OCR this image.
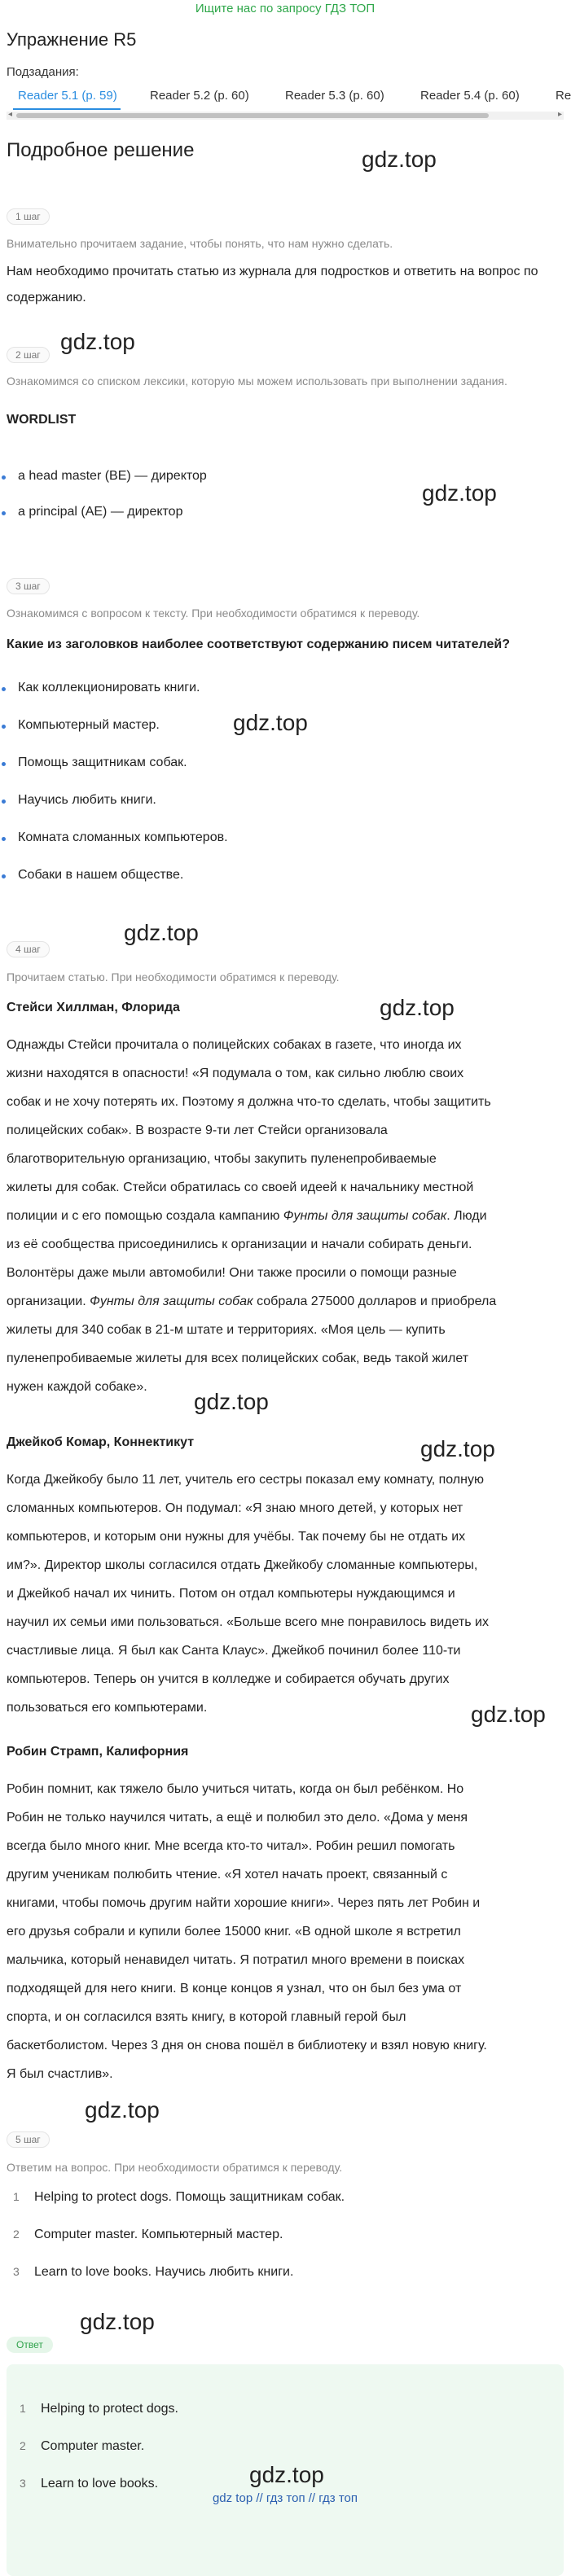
Ищите нас по запросу ГДЗ ТОП
Упражнение R5
Подзадания:
Reader 5.1 (p. 59)	Reader 5.2 (p. 60)	Reader 5.3 (p. 60)	Reader 5.4 (p. 60)	Re
◂	▸
Подробное решение
1 шаг
Внимательно прочитаем задание, чтобы понять, что нам нужно сделать.
Нам необходимо прочитать статью из журнала для подростков и ответить на вопрос по содержанию.
2 шаг
Ознакомимся со списком лексики, которую мы можем использовать при выполнении задания.
WORDLIST
a head master (BE) — директор
a principal (AE) — директор
3 шаг
Ознакомимся с вопросом к тексту. При необходимости обратимся к переводу.
Какие из заголовков наиболее соответствуют содержанию писем читателей?
Как коллекционировать книги.
Компьютерный мастер.
Помощь защитникам собак.
Научись любить книги.
Комната сломанных компьютеров.
Собаки в нашем обществе.
4 шаг
Прочитаем статью. При необходимости обратимся к переводу.
Стейси Хиллман, Флорида
Однажды Стейси прочитала о полицейских собаках в газете, что иногда их
жизни находятся в опасности! «Я подумала о том, как сильно люблю своих
собак и не хочу потерять их. Поэтому я должна что-то сделать, чтобы защитить
полицейских собак». В возрасте 9-ти лет Стейси организовала
благотворительную организацию, чтобы закупить пуленепробиваемые
жилеты для собак. Стейси обратилась со своей идеей к начальнику местной
полиции и с его помощью создала кампанию Фунты для защиты собак. Люди
из её сообщества присоединились к организации и начали собирать деньги.
Волонтёры даже мыли автомобили! Они также просили о помощи разные
организации. Фунты для защиты собак собрала 275000 долларов и приобрела
жилеты для 340 собак в 21-м штате и территориях. «Моя цель — купить
пуленепробиваемые жилеты для всех полицейских собак, ведь такой жилет
нужен каждой собаке».
Джейкоб Комар, Коннектикут
Когда Джейкобу было 11 лет, учитель его сестры показал ему комнату, полную
сломанных компьютеров. Он подумал: «Я знаю много детей, у которых нет
компьютеров, и которым они нужны для учёбы. Так почему бы не отдать их
им?». Директор школы согласился отдать Джейкобу сломанные компьютеры,
и Джейкоб начал их чинить. Потом он отдал компьютеры нуждающимся и
научил их семьи ими пользоваться. «Больше всего мне понравилось видеть их
счастливые лица. Я был как Санта Клаус». Джейкоб починил более 110-ти
компьютеров. Теперь он учится в колледже и собирается обучать других
пользоваться его компьютерами.
Робин Страмп, Калифорния
Робин помнит, как тяжело было учиться читать, когда он был ребёнком. Но
Робин не только научился читать, а ещё и полюбил это дело. «Дома у меня
всегда было много книг. Мне всегда кто-то читал». Робин решил помогать
другим ученикам полюбить чтение. «Я хотел начать проект, связанный с
книгами, чтобы помочь другим найти хорошие книги». Через пять лет Робин и
его друзья собрали и купили более 15000 книг. «В одной школе я встретил
мальчика, который ненавидел читать. Я потратил много времени в поисках
подходящей для него книги. В конце концов я узнал, что он был без ума от
спорта, и он согласился взять книгу, в которой главный герой был
баскетболистом. Через 3 дня он снова пошёл в библиотеку и взял новую книгу.
Я был счастлив».
5 шаг
Ответим на вопрос. При необходимости обратимся к переводу.
1 Helping to protect dogs. Помощь защитникам собак.
2 Computer master. Компьютерный мастер.
3 Learn to love books. Научись любить книги.
Ответ
1 Helping to protect dogs.
2 Computer master.
3 Learn to love books.
gdz.top
gdz.top
gdz.top
gdz.top
gdz.top
gdz.top
gdz.top
gdz.top
gdz.top
gdz.top
gdz.top
gdz.top
gdz top // гдз топ // гдз топ
